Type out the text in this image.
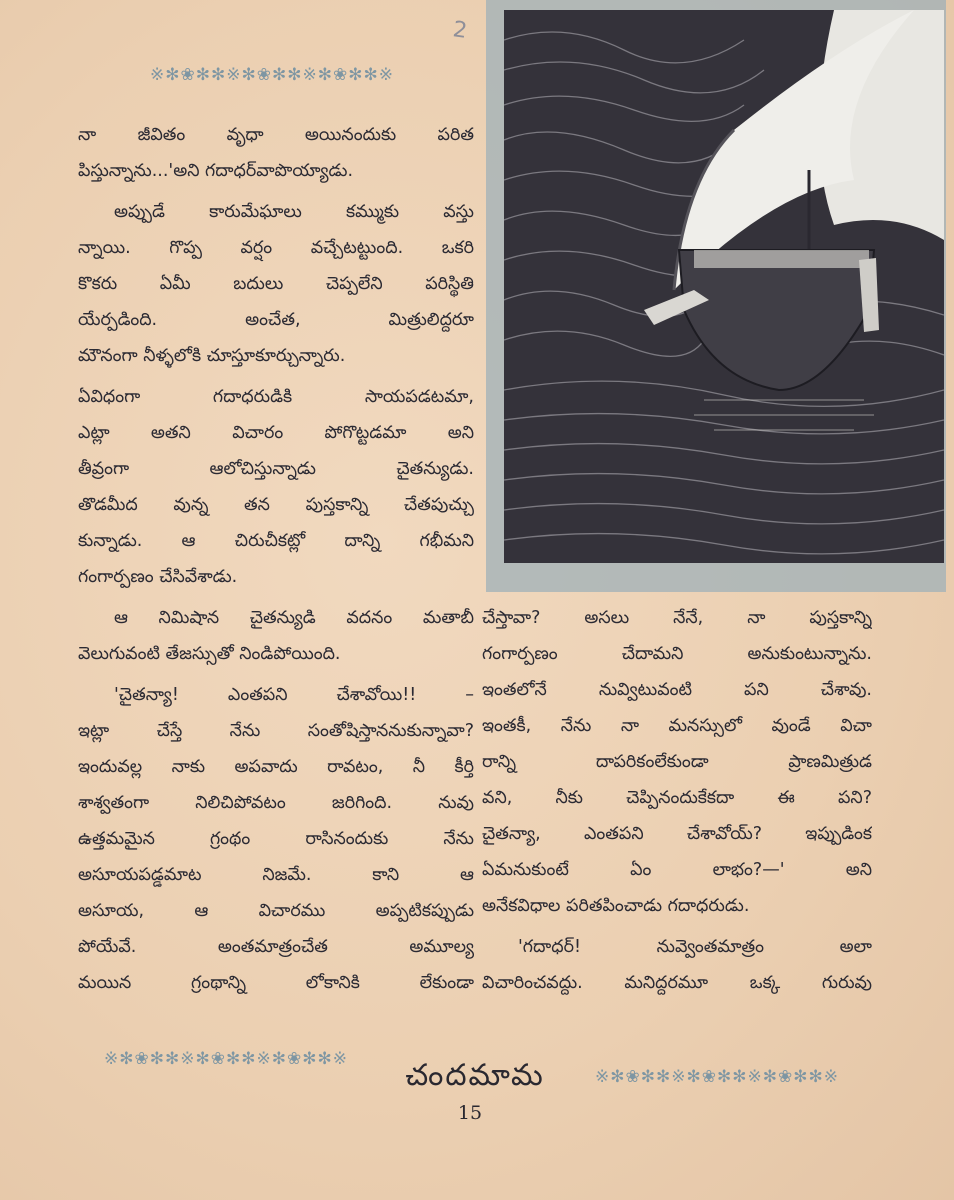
2
※✻❀✻✻※✻❀✻✻※✻❀✻✻※
నా జీవితం వృధా అయినందుకు పరిత
పిస్తున్నాను...'అని గదాధర్‌వాపొయ్యాడు.
అప్పుడే కారుమేఘాలు కమ్ముకు వస్తు
న్నాయి. గొప్ప వర్షం వచ్చేటట్టుంది. ఒకరి
కొకరు ఏమీ బదులు చెప్పలేని పరిస్థితి
యేర్పడింది. అంచేత, మిత్రులిద్దరూ
మౌనంగా నీళ్ళలోకి చూస్తూకూర్చున్నారు.
ఏవిధంగా గదాధరుడికి సాయపడటమా,
ఎట్లా అతని విచారం పోగొట్టడమా అని
తీవ్రంగా ఆలోచిస్తున్నాడు చైతన్యుడు.
తొడమీద వున్న తన పుస్తకాన్ని చేతపుచ్చు
కున్నాడు. ఆ చిరుచీకట్లో దాన్ని గభీమని
గంగార్పణం చేసివేశాడు.
ఆ నిమిషాన చైతన్యుడి వదనం మతాబీ
వెలుగువంటి తేజస్సుతో నిండిపోయింది.
'చైతన్యా! ఎంతపని చేశావోయి!! –
ఇట్లా చేస్తే నేను సంతోషిస్తాననుకున్నావా?
ఇందువల్ల నాకు అపవాదు రావటం, నీ కీర్తి
శాశ్వతంగా నిలిచిపోవటం జరిగింది. నువు
ఉత్తమమైన గ్రంథం రాసినందుకు నేను
అసూయపడ్డమాట నిజమే. కాని ఆ
అసూయ, ఆ విచారము అప్పటికప్పుడు
పోయేవే. అంతమాత్రంచేత అమూల్య
మయిన గ్రంథాన్ని లోకానికి లేకుండా
చేస్తావా? అసలు నేనే, నా పుస్తకాన్ని
గంగార్పణం చేదామని అనుకుంటున్నాను.
ఇంతలోనే నువ్విటువంటి పని చేశావు.
ఇంతకీ, నేను నా మనస్సులో వుండే విచా
రాన్ని దాపరికంలేకుండా ప్రాణమిత్రుడ
వని, నీకు చెప్పినందుకేకదా ఈ పని?
చైతన్యా, ఎంతపని చేశావోయ్? ఇప్పుడింక
ఏమనుకుంటే ఏం లాభం?—' అని
అనేకవిధాల పరితపించాడు గదాధరుడు.
'గదాధర్! నువ్వెంతమాత్రం అలా
విచారించవద్దు. మనిద్దరమూ ఒక్క గురువు
※✻❀✻✻※✻❀✻✻※✻❀✻✻※	చందమామ	※✻❀✻✻※✻❀✻✻※✻❀✻✻※
15
